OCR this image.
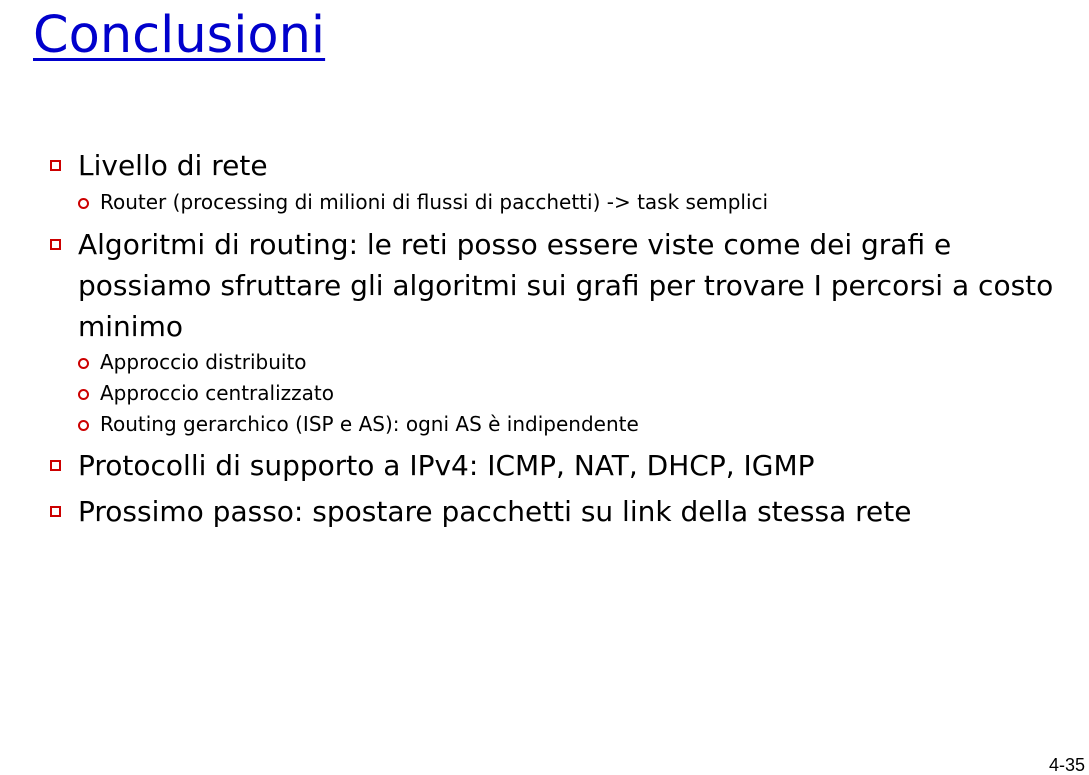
Conclusioni
Livello di rete
Router (processing di milioni di flussi di pacchetti) -> task semplici
Algoritmi di routing: le reti posso essere viste come dei grafi e possiamo sfruttare gli algoritmi sui grafi per trovare I percorsi a costo minimo
Approccio distribuito
Approccio centralizzato
Routing gerarchico (ISP e AS): ogni AS è indipendente
Protocolli di supporto a IPv4: ICMP, NAT, DHCP, IGMP
Prossimo passo: spostare pacchetti su link della stessa rete
4-35
